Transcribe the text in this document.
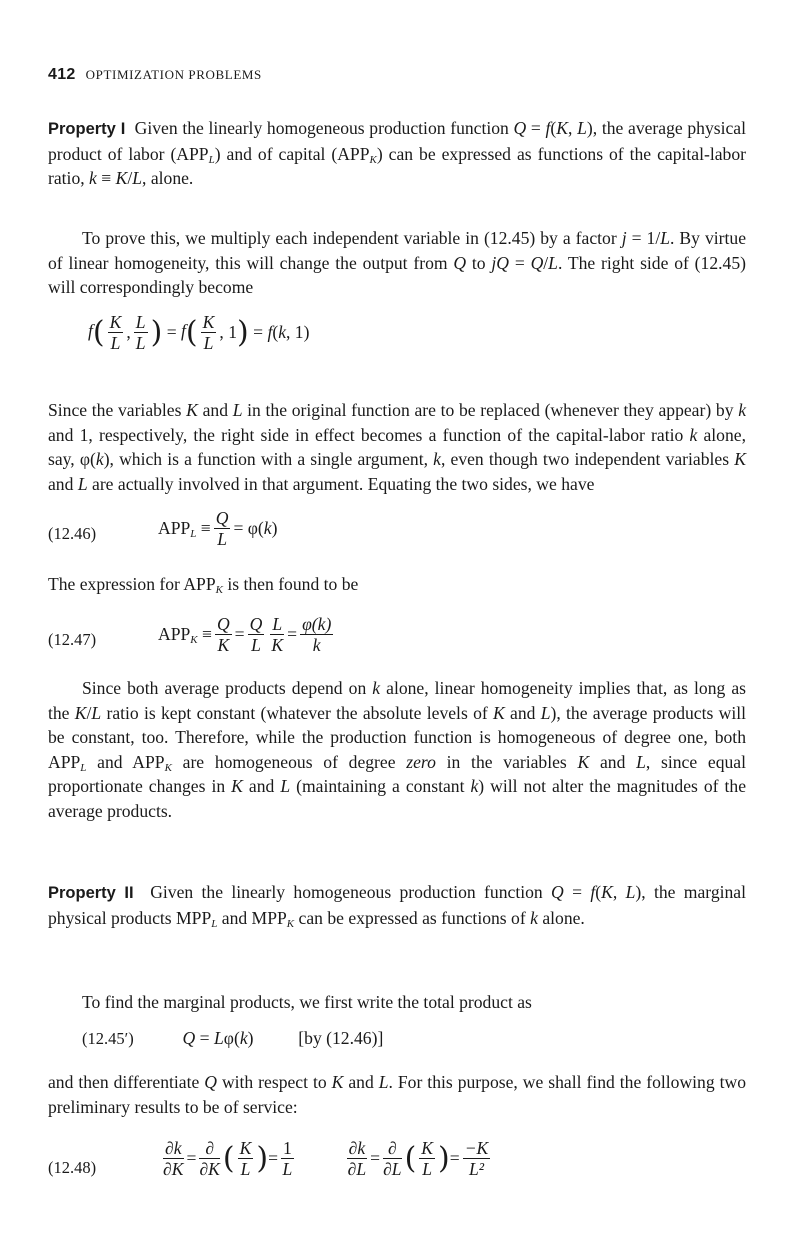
412 OPTIMIZATION PROBLEMS
Property I  Given the linearly homogeneous production function Q = f(K, L), the average physical product of labor $(APP_L)$ and of capital $(APP_K)$ can be expressed as functions of the capital-labor ratio, k ≡ K/L, alone.
To prove this, we multiply each independent variable in (12.45) by a factor j = 1/L. By virtue of linear homogeneity, this will change the output from Q to jQ = Q/L. The right side of (12.45) will correspondingly become
$f( \frac{K}{L}$ , $\frac{L}{L}$ ) = $f( \frac{K}{L}$ , 1) = f(k, 1)
Since the variables K and L in the original function are to be replaced (whenever they appear) by k and 1, respectively, the right side in effect becomes a function of the capital-labor ratio k alone, say, φ(k), which is a function with a single argument, k, even though two independent variables K and L are actually involved in that argument. Equating the two sides, we have
(12.46)	$APP_L \equiv \frac{Q}{L} = \varphi(k)$
The expression for $APP_K$ is then found to be
(12.47)	$APP_K \equiv \frac{Q}{K} = \frac{Q}{L} \frac{L}{K} = \frac{\varphi(k)}{k}$
Since both average products depend on k alone, linear homogeneity implies that, as long as the K/L ratio is kept constant (whatever the absolute levels of K and L), the average products will be constant, too. Therefore, while the production function is homogeneous of degree one, both $APP_L$ and $APP_K$ are homogeneous of degree zero in the variables K and L, since equal proportionate changes in K and L (maintaining a constant k) will not alter the magnitudes of the average products.
Property II  Given the linearly homogeneous production function Q = f(K, L), the marginal physical products $MPP_L$ and $MPP_K$ can be expressed as functions of k alone.
To find the marginal products, we first write the total product as
(12.45′)	Q = Lφ(k)  [by (12.46)]
and then differentiate Q with respect to K and L. For this purpose, we shall find the following two preliminary results to be of service:
(12.48)	$\frac{\partial k}{\partial K} = \frac{\partial}{\partial K}$ ( $\frac{K}{L}$ )= $\frac{1}{L}$
	$\frac{\partial k}{\partial L} = \frac{\partial}{\partial L}$ ( $\frac{K}{L}$ )= $\frac{-K}{\text{L²}}$
